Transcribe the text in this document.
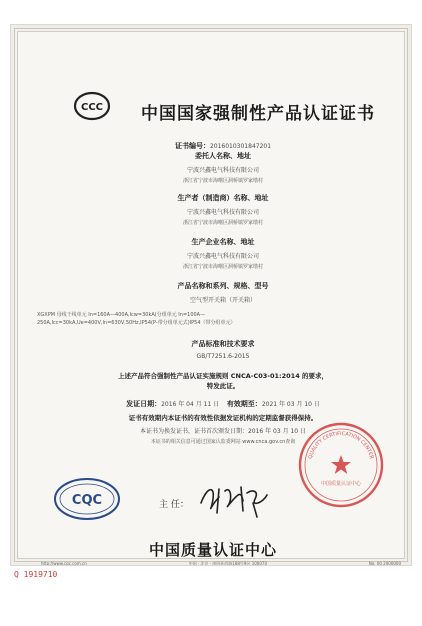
CCC 中国国家强制性产品认证证书
证书编号：2016010301847201
委托人名称、地址
宁波兴鑫电气科技有限公司
浙江省宁波市海曙区洞桥镇罗家墩村
生产者（制造商）名称、地址
宁波兴鑫电气科技有限公司
浙江省宁波市海曙区洞桥镇罗家墩村
生产企业名称、地址
宁波兴鑫电气科技有限公司
浙江省宁波市海曙区洞桥镇罗家墩村
产品名称和系列、规格、型号
空气型开关箱（开关箱）
XGXPM 母线干线单元 In=160A—400A,Icw=30kA(分组单元 In=100A—
250A,Icc=30kA,Ue=400V,In=630V,50Hz,IP54(P-带分组单元式)IP54（带分组单元）
产品标准和技术要求
GB/T7251.6-2015
上述产品符合强制性产品认证实施规则 CNCA-C03-01:2014 的要求，
特发此证。
发证日期：2016 年 04 月 11 日 有效期至：2021 年 03 月 10 日
证书有效期内本证书的有效性依据发证机构的定期监督获得保持。
本证书为换发证书，证书首次颁发日期：2016 年 03 月 10 日
本证书的相关信息可通过国家认监委网站 www.cnca.gov.cn查询
CQC	主 任：
QUALITY CERTIFICATION CENTER
中国质量认证中心
中国质量认证中心
http://www.cqc.com.cn	中国 · 北京 · 南四环西路188号9区 100070	No. 00 2000000
Q 1919710
